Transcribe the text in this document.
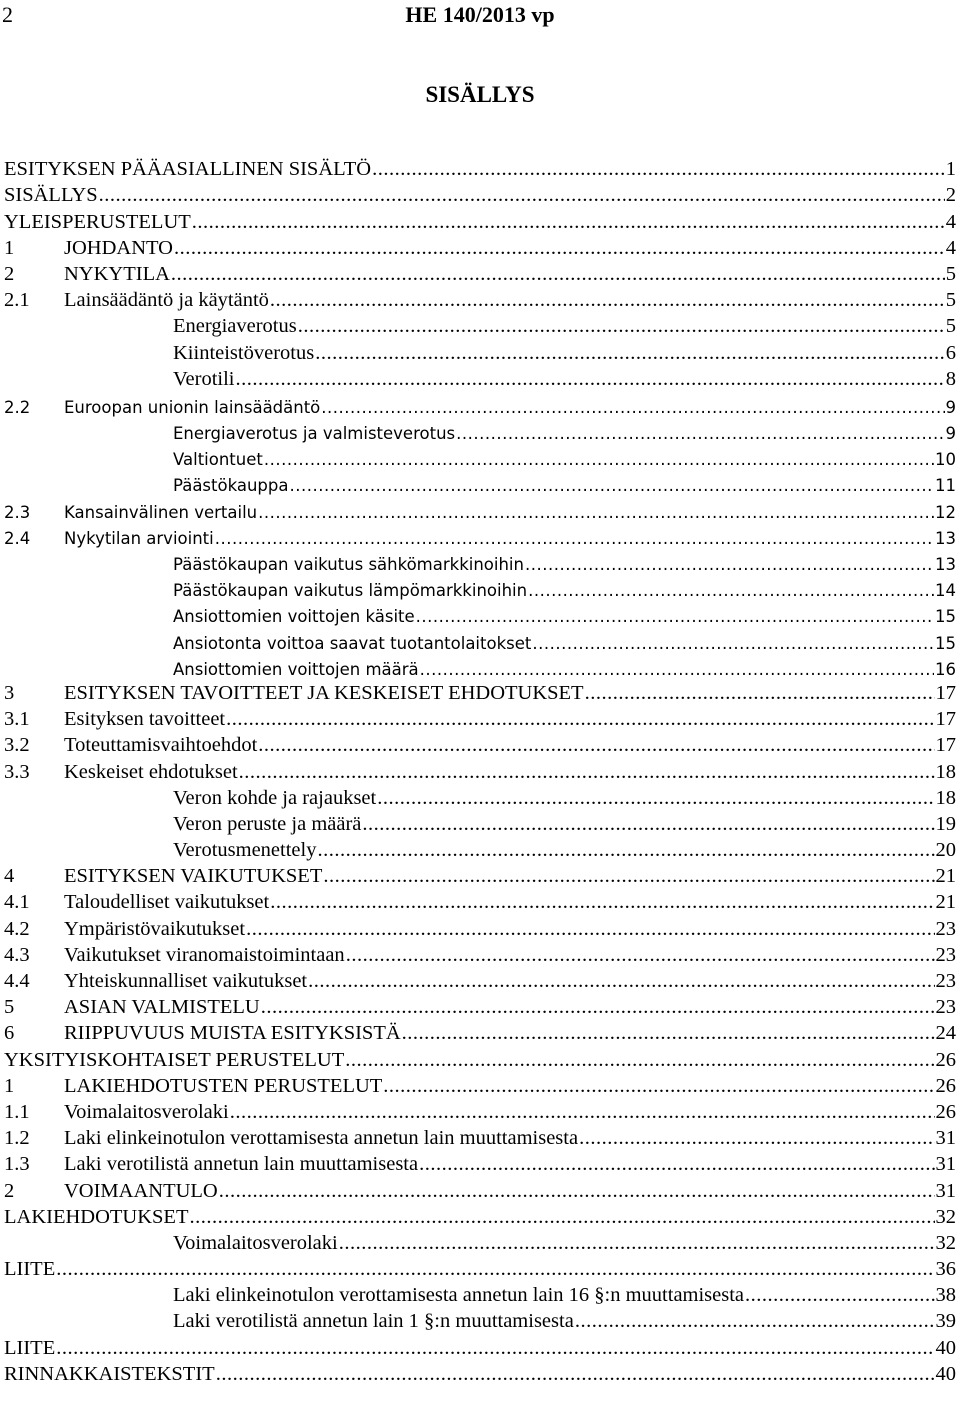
2	HE 140/2013 vp
SISÄLLYS
ESITYKSEN PÄÄASIALLINEN SISÄLTÖ .....	1
SISÄLLYS .....	2
YLEISPERUSTELUT .....	4
1	JOHDANTO .....	4
2	NYKYTILA .....	5
2.1	Lainsäädäntö ja käytäntö .....	5
Energiaverotus .....	5
Kiinteistöverotus .....	6
Verotili .....	8
2.2	Euroopan unionin lainsäädäntö .....	9
Energiaverotus ja valmisteverotus .....	9
Valtiontuet .....	10
Päästökauppa .....	11
2.3	Kansainvälinen vertailu .....	12
2.4	Nykytilan arviointi .....	13
Päästökaupan vaikutus sähkömarkkinoihin .....	13
Päästökaupan vaikutus lämpömarkkinoihin .....	14
Ansiottomien voittojen käsite .....	15
Ansiotonta voittoa saavat tuotantolaitokset .....	15
Ansiottomien voittojen määrä .....	16
3	ESITYKSEN TAVOITTEET JA KESKEISET EHDOTUKSET .....	17
3.1	Esityksen tavoitteet .....	17
3.2	Toteuttamisvaihtoehdot .....	17
3.3	Keskeiset ehdotukset .....	18
Veron kohde ja rajaukset .....	18
Veron peruste ja määrä .....	19
Verotusmenettely .....	20
4	ESITYKSEN VAIKUTUKSET .....	21
4.1	Taloudelliset vaikutukset .....	21
4.2	Ympäristövaikutukset .....	23
4.3	Vaikutukset viranomaistoimintaan .....	23
4.4	Yhteiskunnalliset vaikutukset .....	23
5	ASIAN VALMISTELU .....	23
6	RIIPPUVUUS MUISTA ESITYKSISTÄ .....	24
YKSITYISKOHTAISET PERUSTELUT .....	26
1	LAKIEHDOTUSTEN PERUSTELUT .....	26
1.1	Voimalaitosverolaki .....	26
1.2	Laki elinkeinotulon verottamisesta annetun lain muuttamisesta .....	31
1.3	Laki verotilistä annetun lain muuttamisesta .....	31
2	VOIMAANTULO .....	31
LAKIEHDOTUKSET .....	32
Voimalaitosverolaki .....	32
LIITE .....	36
Laki elinkeinotulon verottamisesta annetun lain 16 §:n muuttamisesta .....	38
Laki verotilistä annetun lain 1 §:n muuttamisesta .....	39
LIITE .....	40
RINNAKKAISTEKSTIT .....	40
